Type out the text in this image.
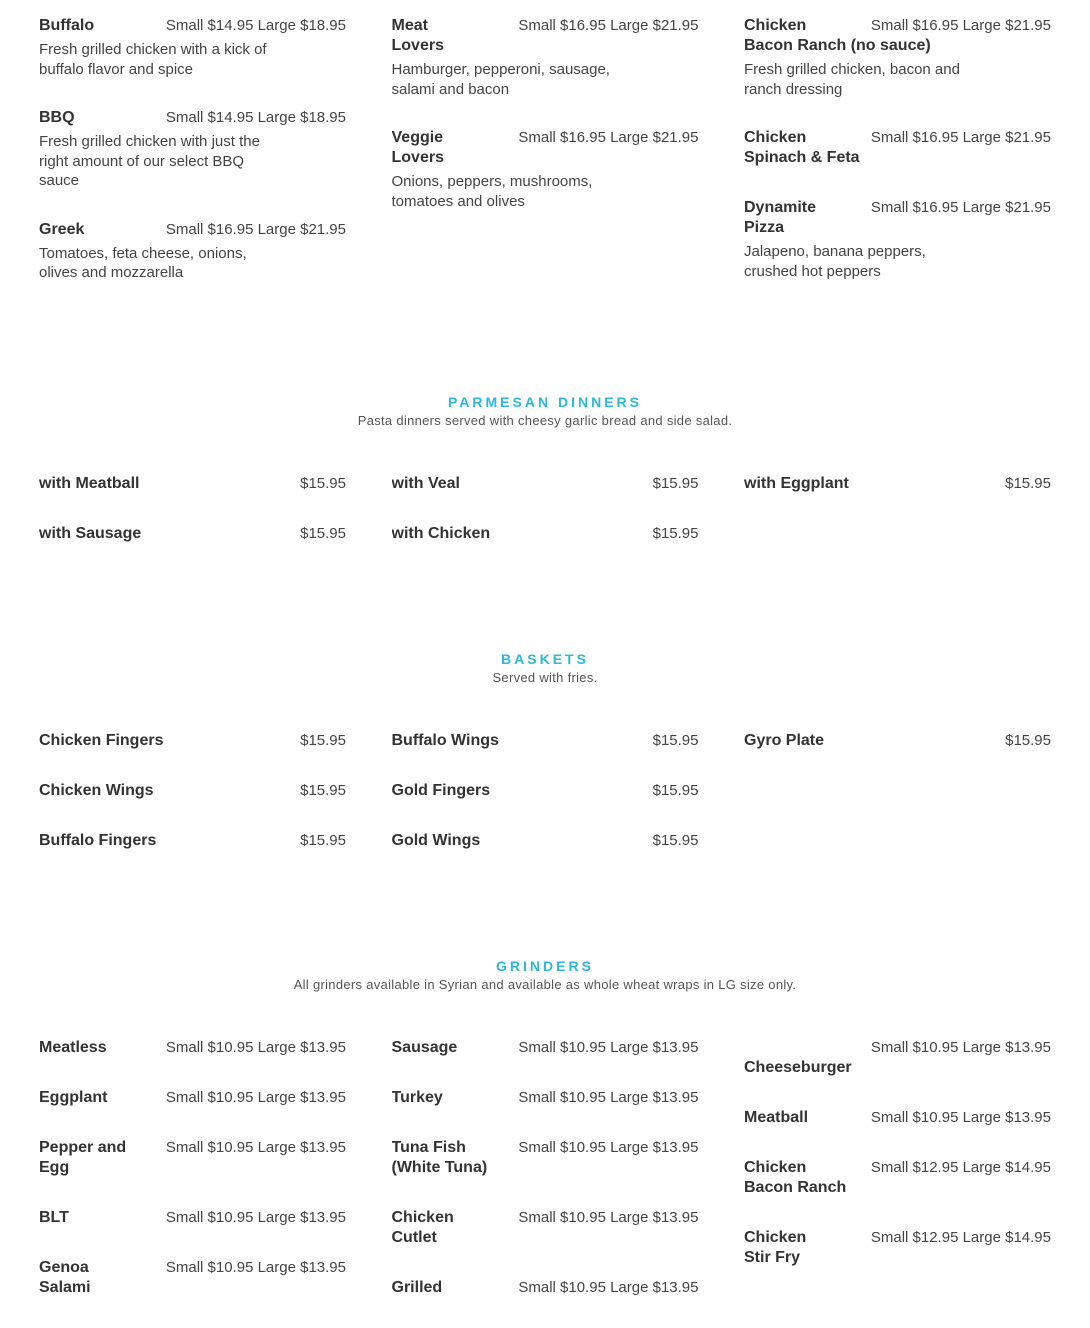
Small $14.95 Large $18.95
Buffalo
Fresh grilled chicken with a kick of
buffalo flavor and spice
Small $14.95 Large $18.95
BBQ
Fresh grilled chicken with just the
right amount of our select BBQ
sauce
Small $16.95 Large $21.95
Greek
Tomatoes, feta cheese, onions,
olives and mozzarella
Small $16.95 Large $21.95
Meat
Lovers
Hamburger, pepperoni, sausage,
salami and bacon
Small $16.95 Large $21.95
Veggie
Lovers
Onions, peppers, mushrooms,
tomatoes and olives
Small $16.95 Large $21.95
Chicken
Bacon Ranch (no sauce)
Fresh grilled chicken, bacon and
ranch dressing
Small $16.95 Large $21.95
Chicken
Spinach & Feta
Small $16.95 Large $21.95
Dynamite
Pizza
Jalapeno, banana peppers,
crushed hot peppers
PARMESAN DINNERS
Pasta dinners served with cheesy garlic bread and side salad.
$15.95
with Meatball
$15.95
with Sausage
$15.95
with Veal
$15.95
with Chicken
$15.95
with Eggplant
BASKETS
Served with fries.
$15.95
Chicken Fingers
$15.95
Chicken Wings
$15.95
Buffalo Fingers
$15.95
Buffalo Wings
$15.95
Gold Fingers
$15.95
Gold Wings
$15.95
Gyro Plate
GRINDERS
All grinders available in Syrian and available as whole wheat wraps in LG size only.
Small $10.95 Large $13.95
Meatless
Small $10.95 Large $13.95
Eggplant
Small $10.95 Large $13.95
Pepper and
Egg
Small $10.95 Large $13.95
BLT
Small $10.95 Large $13.95
Genoa
Salami
Small $10.95 Large $13.95
Sausage
Small $10.95 Large $13.95
Turkey
Small $10.95 Large $13.95
Tuna Fish
(White Tuna)
Small $10.95 Large $13.95
Chicken
Cutlet
Small $10.95 Large $13.95
Grilled
Small $10.95 Large $13.95
Cheeseburger
Small $10.95 Large $13.95
Meatball
Small $12.95 Large $14.95
Chicken
Bacon Ranch
Small $12.95 Large $14.95
Chicken
Stir Fry
